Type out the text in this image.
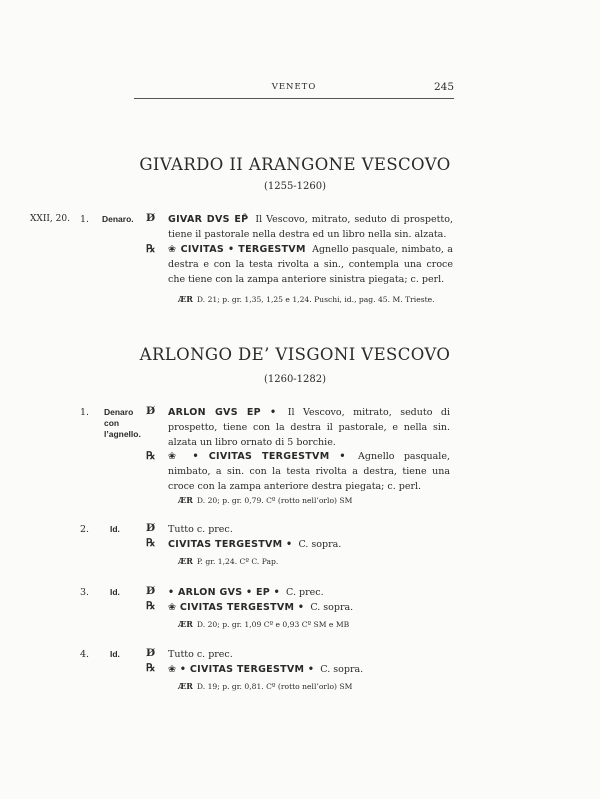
VENETO	245
GIVARDO II ARANGONE VESCOVO
(1255-1260)
XXII, 20. 1. Denaro.	D̸ GIVAR DVS EP̑ Il Vescovo, mitrato, seduto di prospetto, tiene il pastorale nella destra ed un libro nella sin. alzata.

℞ ❀ CIVITAS • TERGESTVM Agnello pasquale, nimbato, a destra e con la testa rivolta a sin., contempla una croce che tiene con la zampa anteriore sinistra piegata; c. perl.

ÆR D. 21; p. gr. 1,35, 1,25 e 1,24. Puschi, id., pag. 45. M. Trieste.
ARLONGO DE’ VISGONI VESCOVO
(1260-1282)
1. Denaro con l’agnello.
D̸ ARLON GVS EP • Il Vescovo, mitrato, seduto di prospetto, tiene con la destra il pastorale, e nella sin. alzata un libro ornato di 5 borchie.

℞ ❀ • CIVITAS TERGESTVM • Agnello pasquale, nimbato, a sin. con la testa rivolta a destra, tiene una croce con la zampa anteriore destra piegata; c. perl.

ÆR D. 20; p. gr. 0,79. Cº (rotto nell’orlo) SM
2. Id. D̸ Tutto c. prec.

℞ CIVITAS TERGESTVM • C. sopra.

ÆR P. gr. 1,24. Cº C. Pap.
3. Id. D̸ • ARLON GVS • EP • C. prec.

℞ ❀ CIVITAS TERGESTVM • C. sopra.

ÆR D. 20; p. gr. 1,09 Cº e 0,93 Cº SM e MB
4. Id. D̸ Tutto c. prec.

℞ ❀ • CIVITAS TERGESTVM • C. sopra.

ÆR D. 19; p. gr. 0,81. Cº (rotto nell’orlo) SM
